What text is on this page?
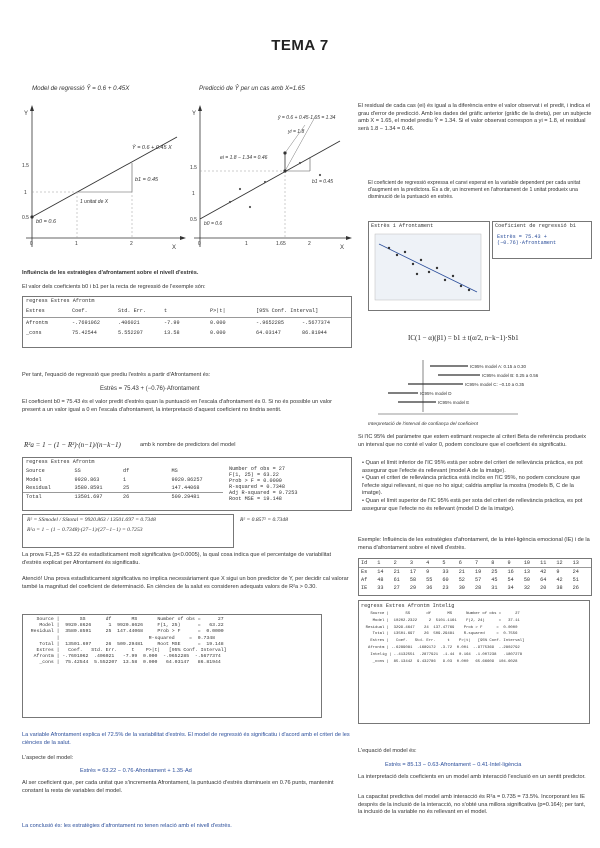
TEMA 7
Model de regressió Ŷ = 0.6 + 0.45X
Y
X
Ŷ = 0.6 + 0.45 X
b1 = 0.45
1 unitat de X
b0 = 0.6
0	1	2
0.5
1
1.5
Predicció de Ŷ per un cas amb X=1.65
Y
X
ŷ = 0.6 + 0.45·1.65 = 1.34
yi = 1.8
ei = 1.8 − 1.34 = 0.46
b1 = 0.45
b0 = 0.6
0	1	1.65	2
0.5
1
1.5
El residual de cada cas (ei) és igual a la diferència entre el valor observat i el predit, i indica el grau d'error de predicció. Amb les dades del gràfic anterior (gràfic de la dreta), per un subjecte amb X = 1.65, el model prediu Ŷ = 1.34. Si el valor observat correspon a yi = 1.8, el residual serà 1.8 − 1.34 = 0.46.
El coeficient de regressió expressa el canvi esperat en la variable dependent per cada unitat d'augment en la predictora. És a dir, un increment en l'afrontament de 1 unitat produeix una disminució de la puntuació en estrès.
Estrès i Afrontament	Coeficient de regressió b1
Estrès = 75.43 + (−0.76)·Afrontament
IC(1 − α)(β1) = b1 ± t(α/2, n−k−1)·Sb1
IC95% model A: 0.15 a 0.30
IC95% model B: 0.25 a 0.56
IC95% model C: −0.10 a 0.35
IC95% model D
IC95% model E
Interpretació de l'interval de confiança del coeficient
Si l'IC 95% del paràmetre que estem estimant respecte al criteri Beta de referència produeix un interval que no conté el valor 0, podem concloure que el coeficient és significatiu.
• Quan el límit inferior de l'IC 95% està per sobre del criteri de rellevància pràctica, es pot assegurar que l'efecte és rellevant (model A de la imatge).
• Quan el criteri de rellevància pràctica està inclòs en l'IC 95%, no podem concloure que l'efecte sigui rellevant, ni que no ho sigui; caldria ampliar la mostra (models B, C de la imatge).
• Quan el límit superior de l'IC 95% està per sota del criteri de rellevància pràctica, es pot assegurar que l'efecte no és rellevant (model D de la imatge).
Influència de les estratègies d'afrontament sobre el nivell d'estrès.
El valor dels coeficients b0 i b1 per la recta de regressió de l'exemple són:
regress Estres Afrontm
Estres	Coef.	Std. Err.	t	P>|t|	[95% Conf. Interval]
Afrontm	-.7691062	.406021	-7.99	0.000	-.9652285	-.5677374
_cons	75.42544	5.552207	13.58	0.000	64.03147	86.81944
Per tant, l'equació de regressió que prediu l'estrès a partir d'Afrontament és:
Estrès = 75.43 + (−0.76)·Afrontament
El coeficient b0 = 75.43 és el valor predit d'estrès quan la puntuació en l'escala d'afrontament és 0. Si no és possible un valor present a un valor igual a 0 en l'escala d'afrontament, la interpretació d'aquest coeficient no tindria sentit.
R²a = 1 − (1 − R²)·(n−1)/(n−k−1)	amb k nombre de predictors del model
regress Estres Afrontm
Source	SS	df	MS
Model	9920.863	1	9920.86257
Residual	3580.8591	25	147.44068
Total	13501.697	26	509.29481
Number of obs = 27
F(1, 25) = 63.22
Prob > F = 0.0000
R-squared = 0.7348
Adj R-squared = 0.7253
Root MSE = 19.148
R² = SSmodel / SStotal = 9920.863 / 13501.697 = 0.7348
R²a = 1 − (1 − 0.7348)·(27−1)/(27−1−1) = 0.7253
R² = 0.857² = 0.7348
La prova F1,25 = 63.22 és estadísticament molt significativa (p<0.0005), la qual cosa indica que el percentatge de variabilitat d'estrès explicat per Afrontament és significatiu.
Atenció! Una prova estadísticament significativa no implica necessàriament que X sigui un bon predictor de Y, per decidir cal valorar també la magnitud del coeficient de determinació. En ciències de la salut es consideren adequats valors de R²a > 0.30.
Source |       SS       df       MS       Number of obs =      27
Model |  9920.8626      1  9920.8626     F(1, 25)      =   63.22
Residual |  3580.8591     25  147.44068     Prob > F      =  0.0000
|                               R-squared     =  0.7348
Total |  13501.697     26  509.29481     Root MSE      =  19.148
Estres |   Coef.   Std. Err.     t    P>|t|   [95% Conf. Interval]
Afrontm | -.7691062  .406021   -7.99  0.000  -.9652285  -.5677374
_cons |  75.42544  5.552207  13.58  0.000   64.03147   86.81944
La variable Afrontament explica el 72.5% de la variabilitat d'estrès. El model de regressió és significatiu i d'acord amb el criteri de les ciències de la salut.
L'aspecte del model:
Estrès = 63.22 − 0.76·Afrontament + 1.35·Ad
Al ser coeficient que, per cada unitat que s'incrementa Afrontament, la puntuació d'estrès disminueix en 0.76 punts, mantenint constant la resta de variables del model.
La conclusió és: les estratègies d'afrontament no tenen relació amb el nivell d'estrès.
Exemple: Influència de les estratègies d'afrontament, de la intel·ligència emocional (IE) i de la mena d'afrontament sobre el nivell d'estrès.
Id	1	2	3	4	5	6	7	8	9	10	11	12	13
Es	14	21	17	9	33	21	19	25	16	13	42	9	24
Af	48	61	58	55	60	52	57	45	54	50	64	42	51
IE	33	27	29	36	23	30	28	31	34	32	20	38	26
regress Estres Afrontm Intelig
Source |       SS       df       MS      Number of obs =      27
Model |  10202.2322     2  5101.1161    F(2, 24)      =   37.11
Residual |  3299.4647    24  137.47769    Prob > F      =  0.0000
Total |  13501.697    26  509.29481    R-squared     =  0.7556
Estres |   Coef.   Std. Err.     t    P>|t|   [95% Conf. Interval]
Afrontm | -.6289081  .1689172  -3.72  0.001  -.9775369  -.2802792
Intelig | -.4132551  .2877921  -1.44  0.164  -1.007238   .1807278
_cons |  85.13442  9.432786   9.03  0.000   65.66609  104.6028
L'equació del model és:
Estrès = 85.13 − 0.63·Afrontament − 0.41·Intel·ligència
La interpretació dels coeficients en un model amb interacció l'exclusió en un sentit predictor.
La capacitat predictiva del model amb interacció és R²a = 0.735 = 73.5%. Incorporant les IE després de la inclusió de la interacció, no s'obté una millora significativa (p=0.164); per tant, la inclusió de la variable no és rellevant en el model.
